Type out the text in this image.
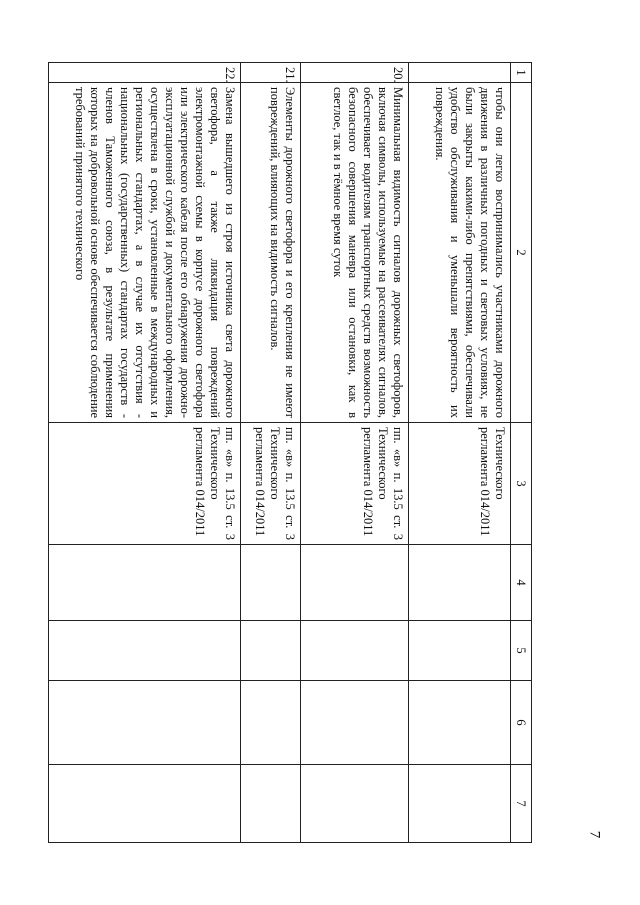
1	2	3	4	5	6	7
	чтобы они легко воспринимались участниками дорожного движения в различных погодных и световых условиях, не были закрыты какими-либо препятствиями, обеспечивали удобство обслуживания и уменьшали вероятность их повреждения.	Технического регламента 014/2011				
20.	Минимальная видимость сигналов дорожных светофоров, включая символы, используемые на рассеивателях сигналов, обеспечивает водителям транспортных средств возможность безопасного совершения маневра или остановки, как в светлое, так и в тёмное время суток	пп. «в» п. 13.5 ст. 3 Технического регламента 014/2011				
21.	Элементы дорожного светофора и его крепления не имеют повреждений, влияющих на видимость сигналов.	пп. «в» п. 13.5 ст. 3 Технического регламента 014/2011				
22.	Замена вышедшего из строя источника света дорожного светофора, а также ликвидация повреждений электромонтажной схемы в корпусе дорожного светофора или электрического кабеля после его обнаружения дорожно-эксплуатационной службой и документального оформления, осуществлена в сроки, установленные в международных и региональных стандартах, а в случае их отсутствия - национальных (государственных) стандартах государств - членов Таможенного союза, в результате применения которых на добровольной основе обеспечивается соблюдение требований принятого технического	пп. «в» п. 13.5 ст. 3 Технического регламента 014/2011				
7
